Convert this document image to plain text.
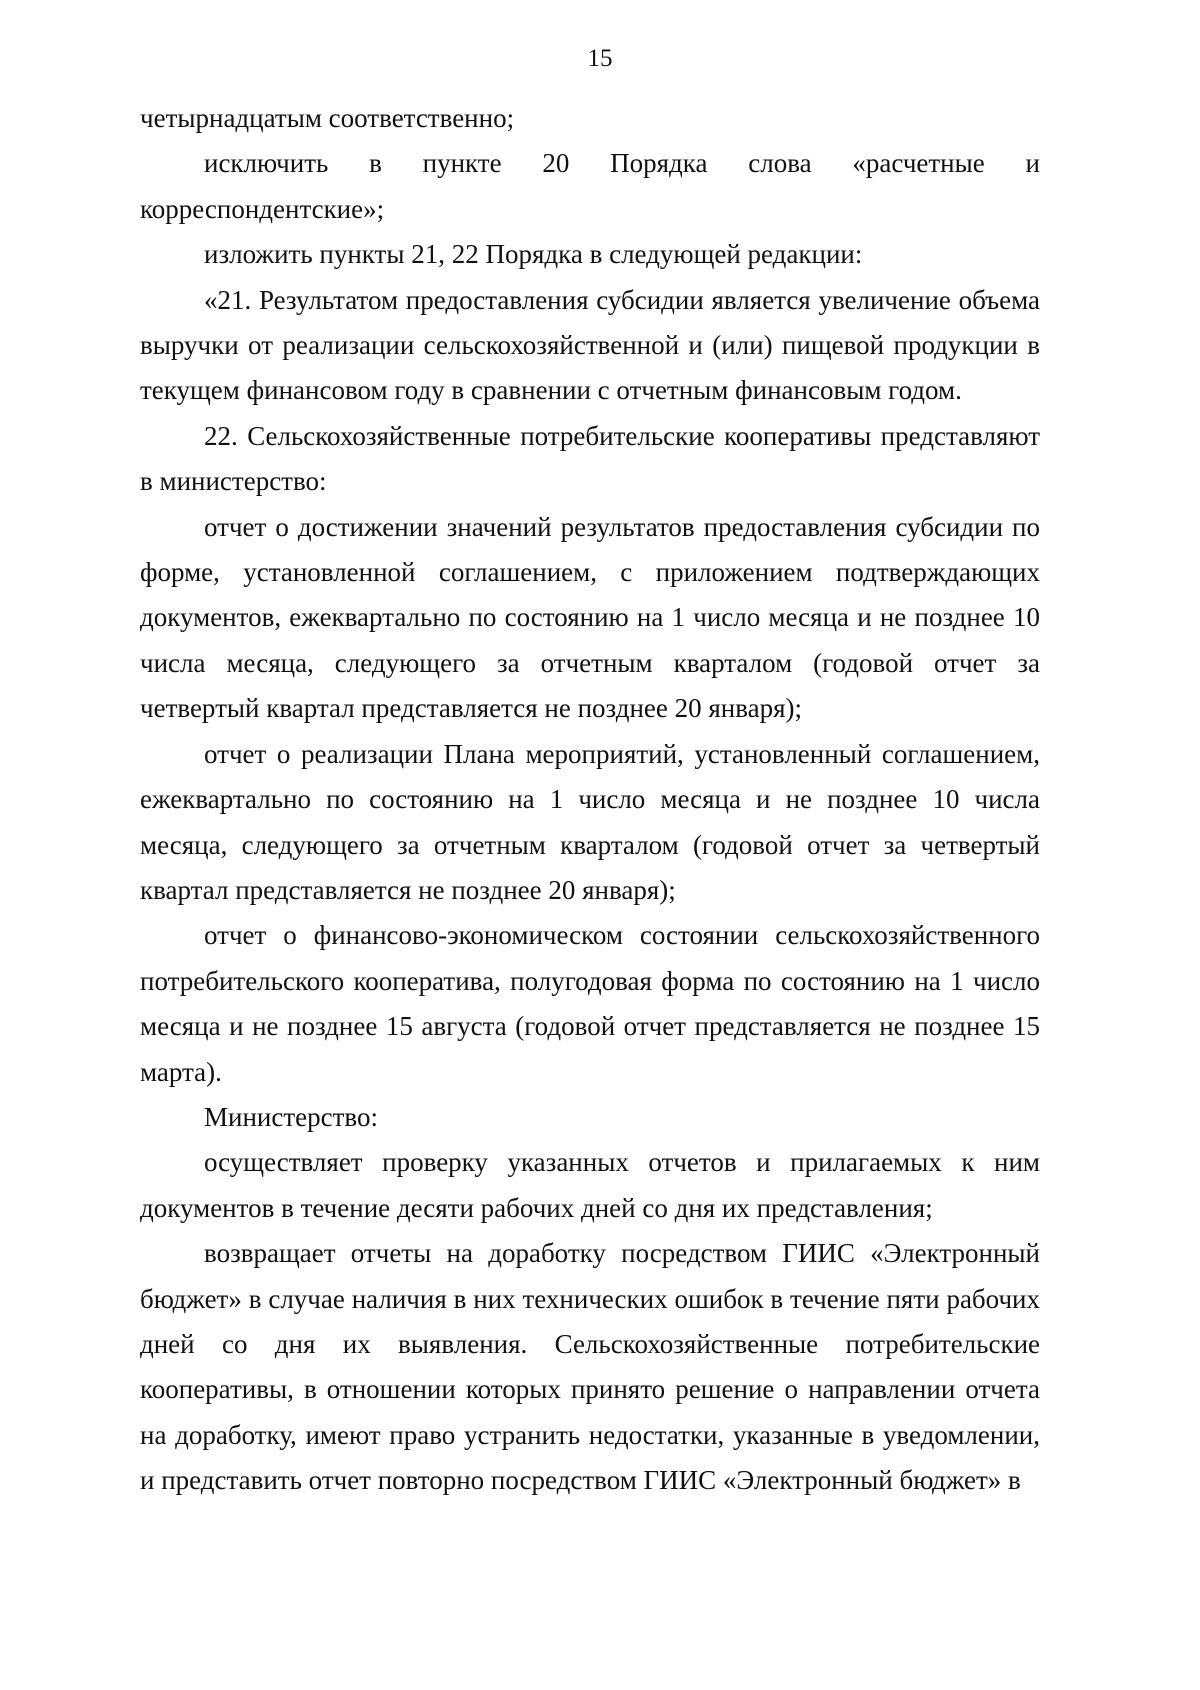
15

четырнадцатым соответственно;

исключить в пункте 20 Порядка слова «расчетные и корреспондентские»;

изложить пункты 21, 22 Порядка в следующей редакции:

«21. Результатом предоставления субсидии является увеличение объема выручки от реализации сельскохозяйственной и (или) пищевой продукции в текущем финансовом году в сравнении с отчетным финансовым годом.

22. Сельскохозяйственные потребительские кооперативы представляют в министерство:

отчет о достижении значений результатов предоставления субсидии по форме, установленной соглашением, с приложением подтверждающих документов, ежеквартально по состоянию на 1 число месяца и не позднее 10 числа месяца, следующего за отчетным кварталом (годовой отчет за четвертый квартал представляется не позднее 20 января);

отчет о реализации Плана мероприятий, установленный соглашением, ежеквартально по состоянию на 1 число месяца и не позднее 10 числа месяца, следующего за отчетным кварталом (годовой отчет за четвертый квартал представляется не позднее 20 января);

отчет о финансово-экономическом состоянии сельскохозяйственного потребительского кооператива, полугодовая форма по состоянию на 1 число месяца и не позднее 15 августа (годовой отчет представляется не позднее 15 марта).

Министерство:

осуществляет проверку указанных отчетов и прилагаемых к ним документов в течение десяти рабочих дней со дня их представления;

возвращает отчеты на доработку посредством ГИИС «Электронный бюджет» в случае наличия в них технических ошибок в течение пяти рабочих дней со дня их выявления. Сельскохозяйственные потребительские кооперативы, в отношении которых принято решение о направлении отчета на доработку, имеют право устранить недостатки, указанные в уведомлении, и представить отчет повторно посредством ГИИС «Электронный бюджет» в
